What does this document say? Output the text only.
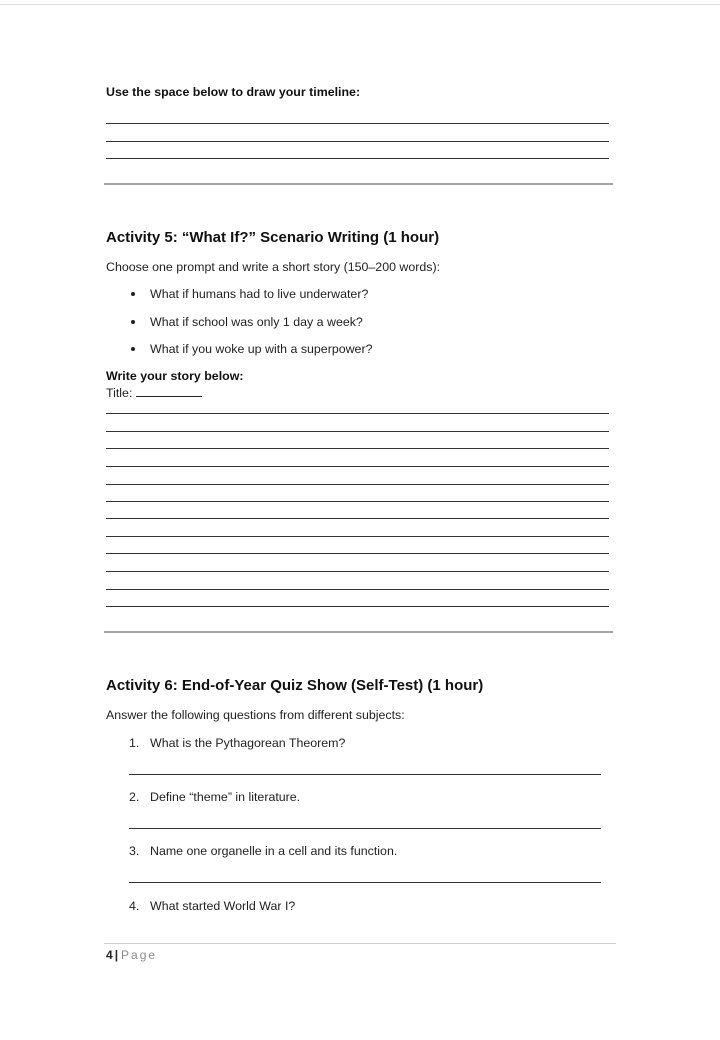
Use the space below to draw your timeline:
Activity 5: “What If?” Scenario Writing (1 hour)
Choose one prompt and write a short story (150–200 words):
What if humans had to live underwater?
What if school was only 1 day a week?
What if you woke up with a superpower?
Write your story below:
Title:
Activity 6: End-of-Year Quiz Show (Self-Test) (1 hour)
Answer the following questions from different subjects:
1. What is the Pythagorean Theorem?
2. Define “theme” in literature.
3. Name one organelle in a cell and its function.
4. What started World War I?
4 | Page
